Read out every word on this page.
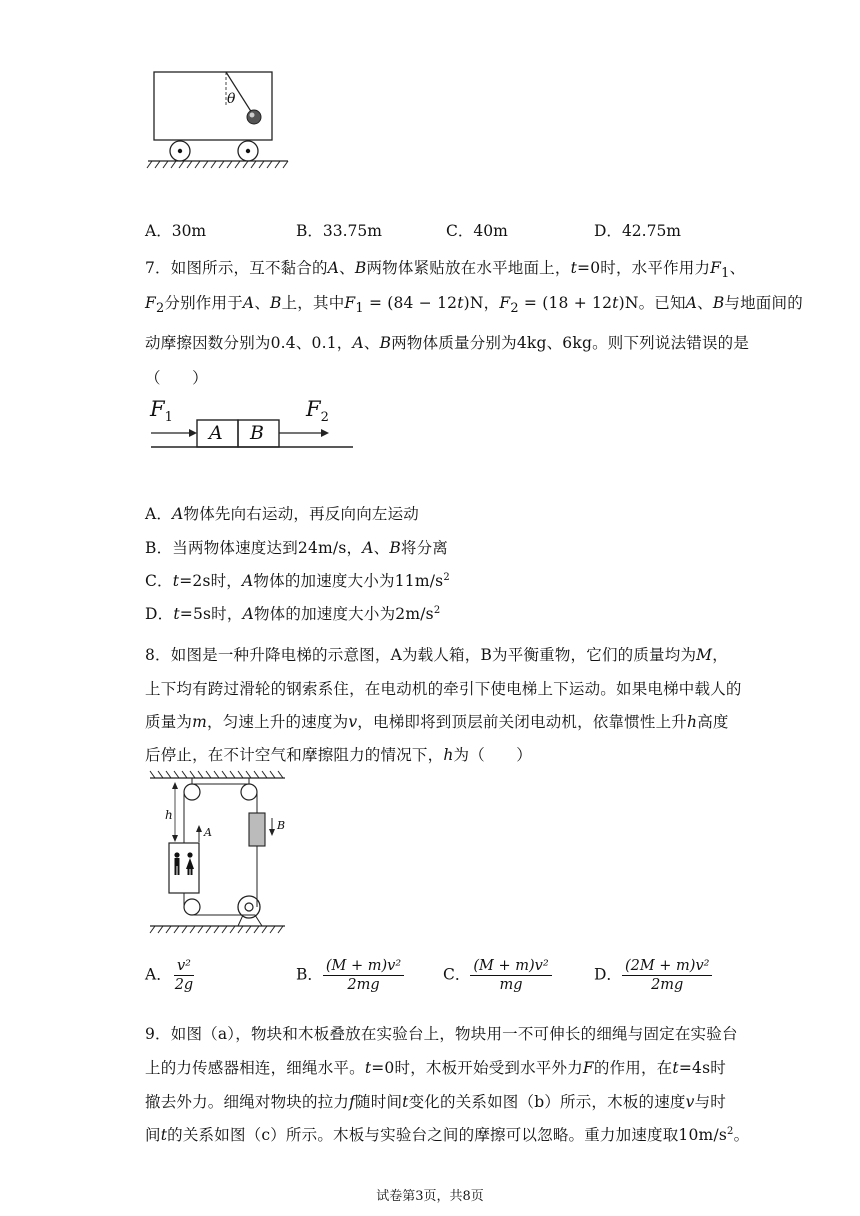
θ
A．30m	B．33.75m	C．40m	D．42.75m
7．如图所示，互不黏合的A、B两物体紧贴放在水平地面上，t=0时，水平作用力$F_1$、
$F_2$分别作用于A、B上，其中$F_1 = (84 - 12t)N$，$F_2 = (18 + 12t)N$。已知A、B与地面间的
动摩擦因数分别为0.4、0.1，A、B两物体质量分别为4kg、6kg。则下列说法错误的是
（　　）
$F_1$	$F_2$
A B
A．A物体先向右运动，再反向向左运动
B．当两物体速度达到24m/s，A、B将分离
C．t=2s时，A物体的加速度大小为$11m/s^2$
D．t=5s时，A物体的加速度大小为$2m/s^2$
8．如图是一种升降电梯的示意图，A为载人箱，B为平衡重物，它们的质量均为M，
上下均有跨过滑轮的钢索系住，在电动机的牵引下使电梯上下运动。如果电梯中载人的
质量为m，匀速上升的速度为v，电梯即将到顶层前关闭电动机，依靠惯性上升h高度
后停止，在不计空气和摩擦阻力的情况下，h为（　　）
h
A
B
A． $\frac{\text{v²}}{2g}$	B． $\frac{\text{(M + m)v²}}{2mg}$	C． $\frac{\text{(M + m)v²}}{mg}$	D． $\frac{\text{(2M + m)v²}}{2mg}$
9．如图（a），物块和木板叠放在实验台上，物块用一不可伸长的细绳与固定在实验台
上的力传感器相连，细绳水平。t=0时，木板开始受到水平外力F的作用，在t=4s时
撤去外力。细绳对物块的拉力f随时间t变化的关系如图（b）所示，木板的速度v与时
间t的关系如图（c）所示。木板与实验台之间的摩擦可以忽略。重力加速度取$10m/s^2$。
试卷第3页，共8页
